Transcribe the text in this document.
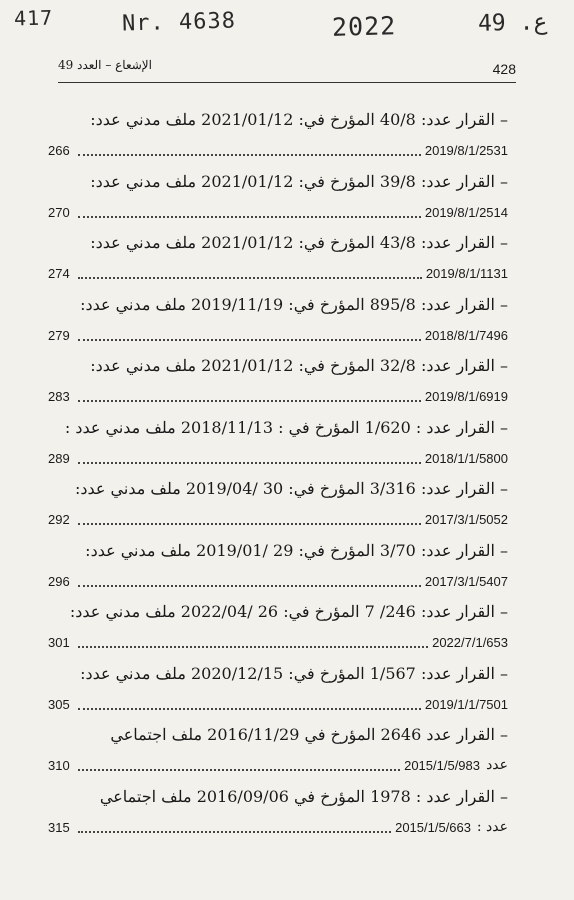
417	Nr. 4638	2022	49 .ع
الإشعاع – العدد 49	428
– القرار عدد: 40/8 المؤرخ في: 2021/01/12 ملف مدني عدد:
266	2019/8/1/2531
– القرار عدد: 39/8 المؤرخ في: 2021/01/12 ملف مدني عدد:
270	2019/8/1/2514
– القرار عدد: 43/8 المؤرخ في: 2021/01/12 ملف مدني عدد:
274	2019/8/1/1131
– القرار عدد: 895/8 المؤرخ في: 2019/11/19 ملف مدني عدد:
279	2018/8/1/7496
– القرار عدد: 32/8 المؤرخ في: 2021/01/12 ملف مدني عدد:
283	2019/8/1/6919
– القرار عدد : 1/620 المؤرخ في : 2018/11/13 ملف مدني عدد :
289	2018/1/1/5800
– القرار عدد: 3/316 المؤرخ في: 30 /2019/04 ملف مدني عدد:
292	2017/3/1/5052
– القرار عدد: 3/70 المؤرخ في: 29 /2019/01 ملف مدني عدد:
296	2017/3/1/5407
– القرار عدد: 246/ 7 المؤرخ في: 26 /2022/04 ملف مدني عدد:
301	2022/7/1/653
– القرار عدد: 1/567 المؤرخ في: 2020/12/15 ملف مدني عدد:
305	2019/1/1/7501
– القرار عدد 2646 المؤرخ في 2016/11/29 ملف اجتماعي
310	2015/1/5/983 عدد
– القرار عدد : 1978 المؤرخ في 2016/09/06 ملف اجتماعي
315	2015/1/5/663 عدد :
